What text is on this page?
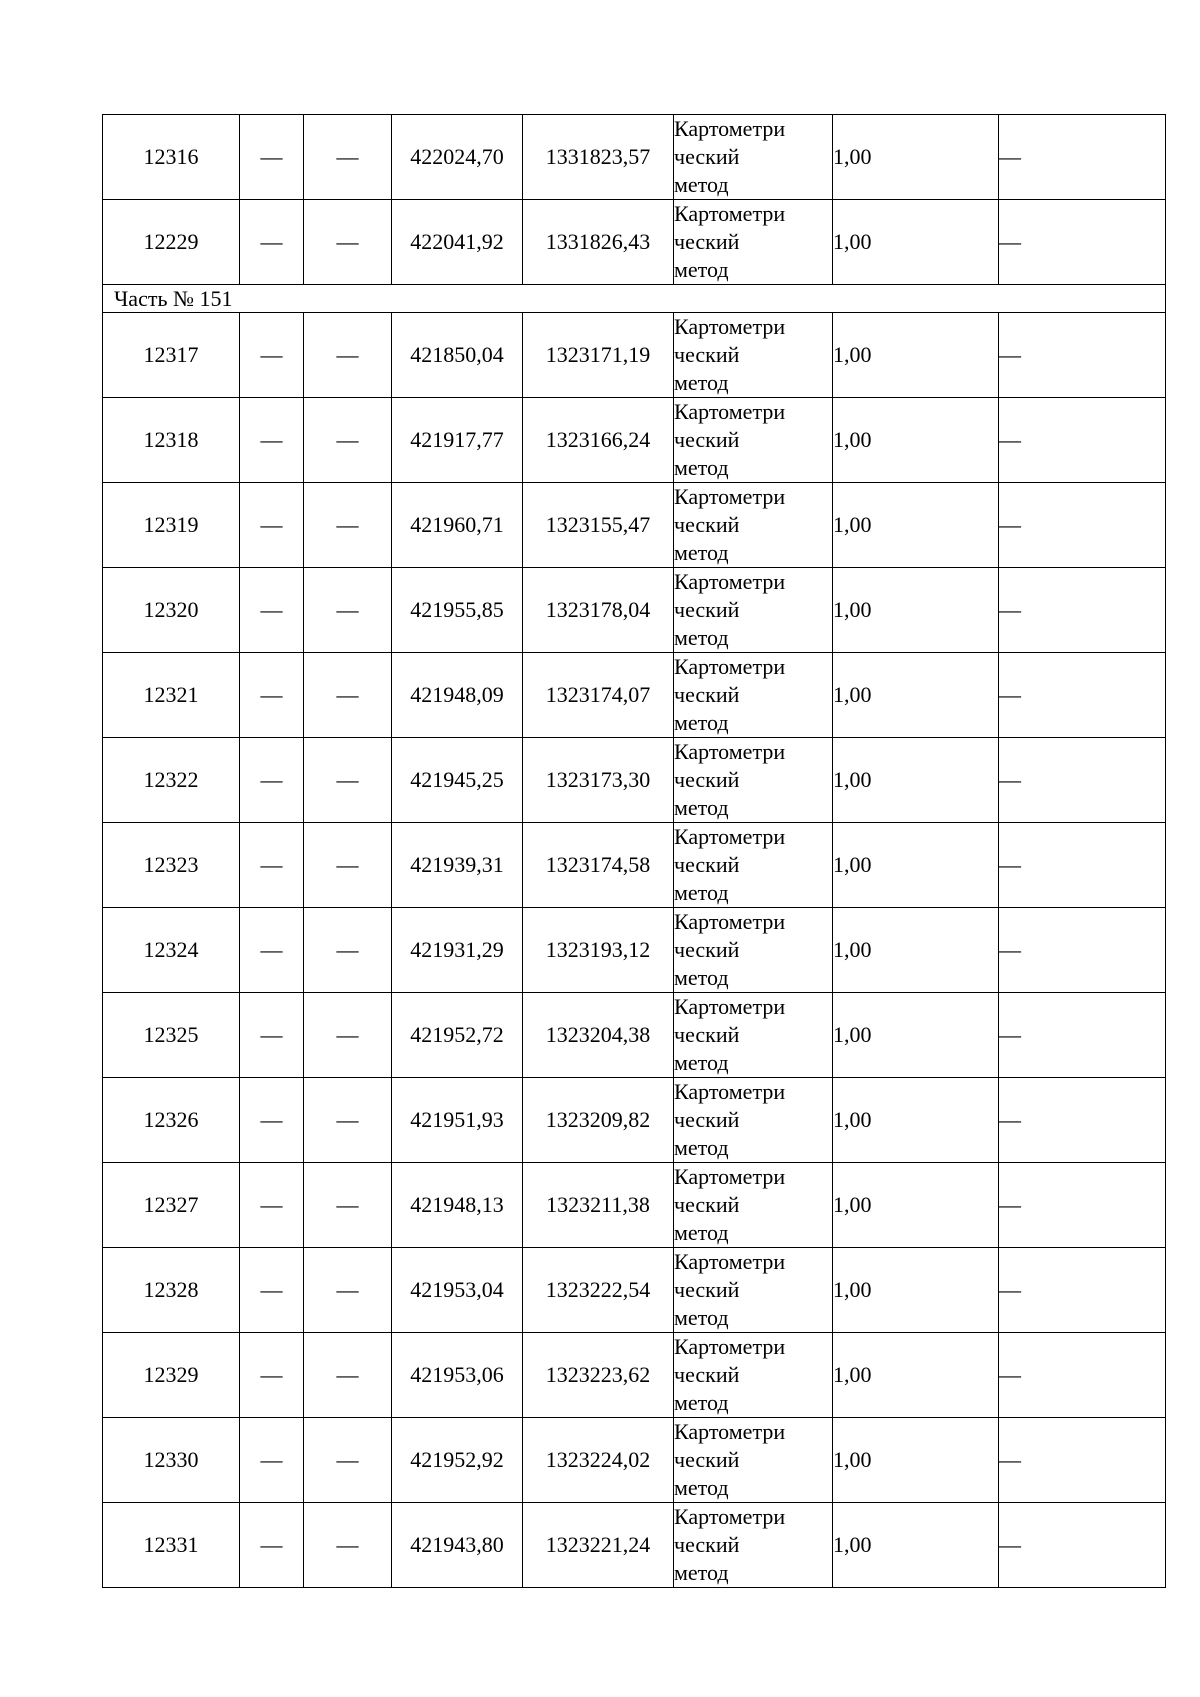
12316	—	—	422024,70	1331823,57	Картометри
ческий
метод	1,00	—
12229	—	—	422041,92	1331826,43	Картометри
ческий
метод	1,00	—
Часть № 151							
12317	—	—	421850,04	1323171,19	Картометри
ческий
метод	1,00	—
12318	—	—	421917,77	1323166,24	Картометри
ческий
метод	1,00	—
12319	—	—	421960,71	1323155,47	Картометри
ческий
метод	1,00	—
12320	—	—	421955,85	1323178,04	Картометри
ческий
метод	1,00	—
12321	—	—	421948,09	1323174,07	Картометри
ческий
метод	1,00	—
12322	—	—	421945,25	1323173,30	Картометри
ческий
метод	1,00	—
12323	—	—	421939,31	1323174,58	Картометри
ческий
метод	1,00	—
12324	—	—	421931,29	1323193,12	Картометри
ческий
метод	1,00	—
12325	—	—	421952,72	1323204,38	Картометри
ческий
метод	1,00	—
12326	—	—	421951,93	1323209,82	Картометри
ческий
метод	1,00	—
12327	—	—	421948,13	1323211,38	Картометри
ческий
метод	1,00	—
12328	—	—	421953,04	1323222,54	Картометри
ческий
метод	1,00	—
12329	—	—	421953,06	1323223,62	Картометри
ческий
метод	1,00	—
12330	—	—	421952,92	1323224,02	Картометри
ческий
метод	1,00	—
12331	—	—	421943,80	1323221,24	Картометри
ческий
метод	1,00	—
